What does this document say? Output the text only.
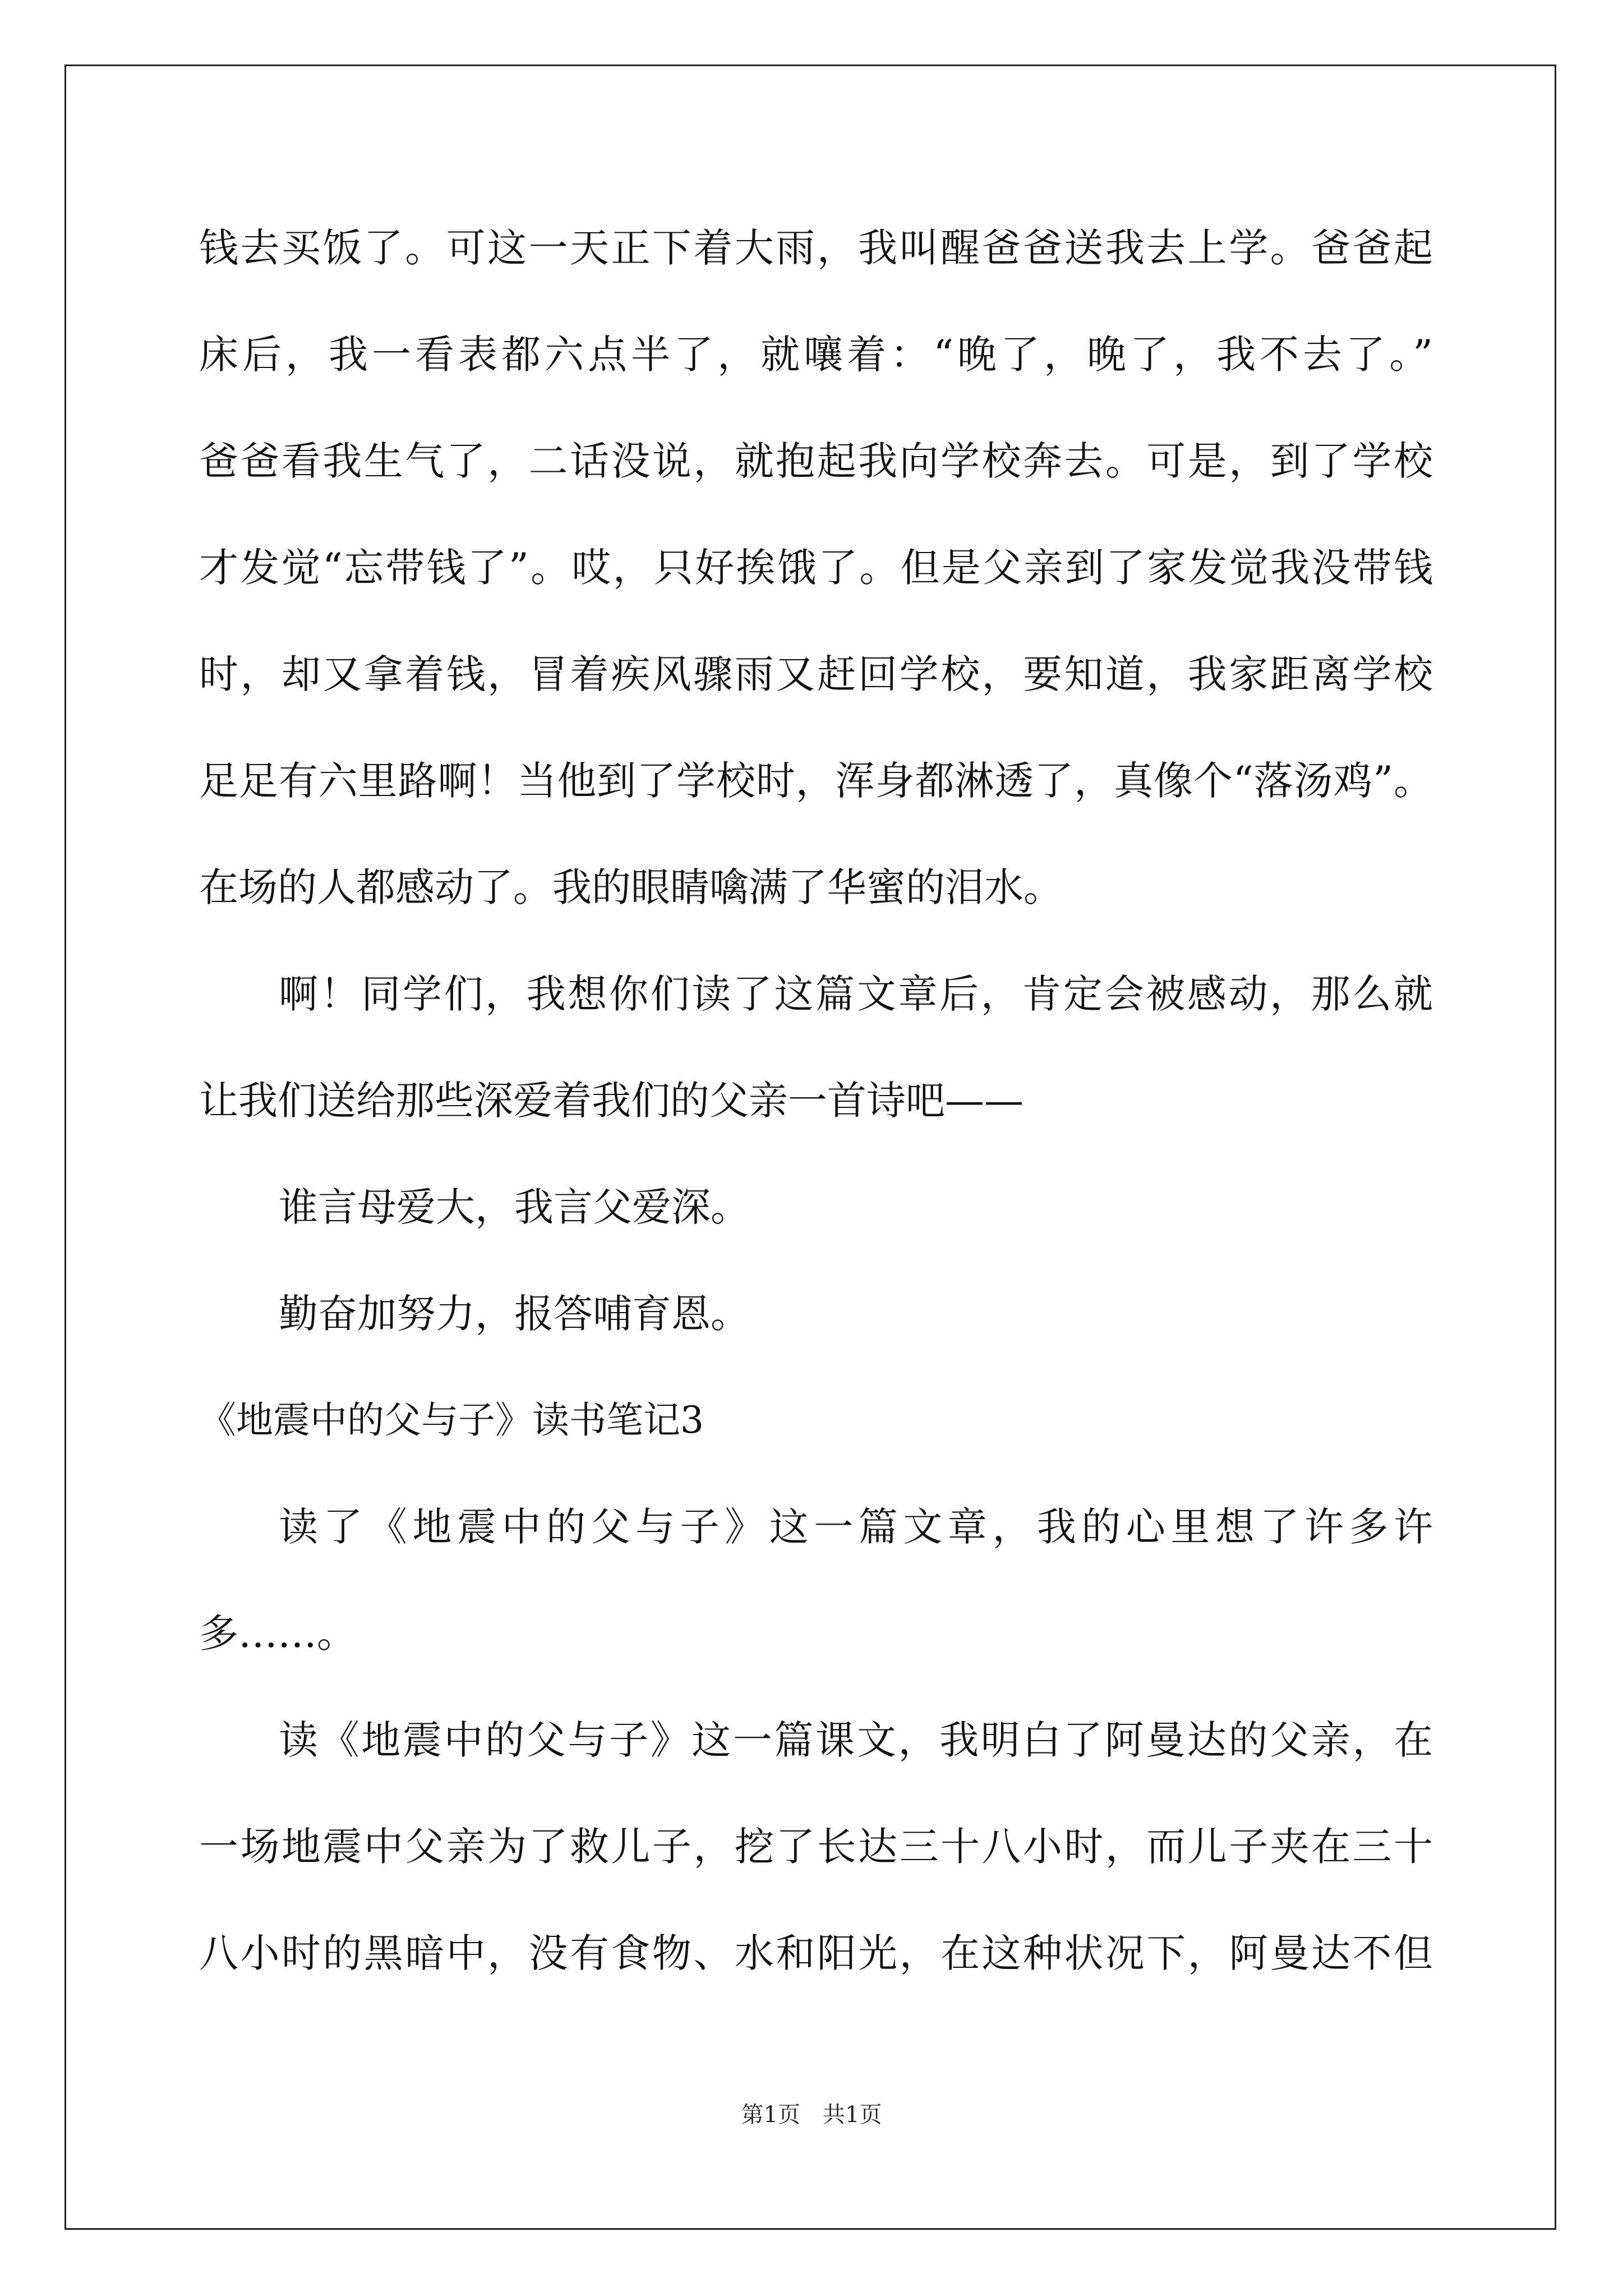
钱去买饭了。可这一天正下着大雨，我叫醒爸爸送我去上学。爸爸起
床后，我一看表都六点半了，就嚷着：“晚了，晚了，我不去了。”
爸爸看我生气了，二话没说，就抱起我向学校奔去。可是，到了学校
才发觉“忘带钱了”。哎，只好挨饿了。但是父亲到了家发觉我没带钱
时，却又拿着钱，冒着疾风骤雨又赶回学校，要知道，我家距离学校
足足有六里路啊！当他到了学校时，浑身都淋透了，真像个“落汤鸡”。
在场的人都感动了。我的眼睛噙满了华蜜的泪水。
啊！同学们，我想你们读了这篇文章后，肯定会被感动，那么就
让我们送给那些深爱着我们的父亲一首诗吧——
谁言母爱大，我言父爱深。
勤奋加努力，报答哺育恩。
《地震中的父与子》读书笔记3
读了《地震中的父与子》这一篇文章，我的心里想了许多许
多……。
读《地震中的父与子》这一篇课文，我明白了阿曼达的父亲，在
一场地震中父亲为了救儿子，挖了长达三十八小时，而儿子夹在三十
八小时的黑暗中，没有食物、水和阳光，在这种状况下，阿曼达不但
第1页 共1页
